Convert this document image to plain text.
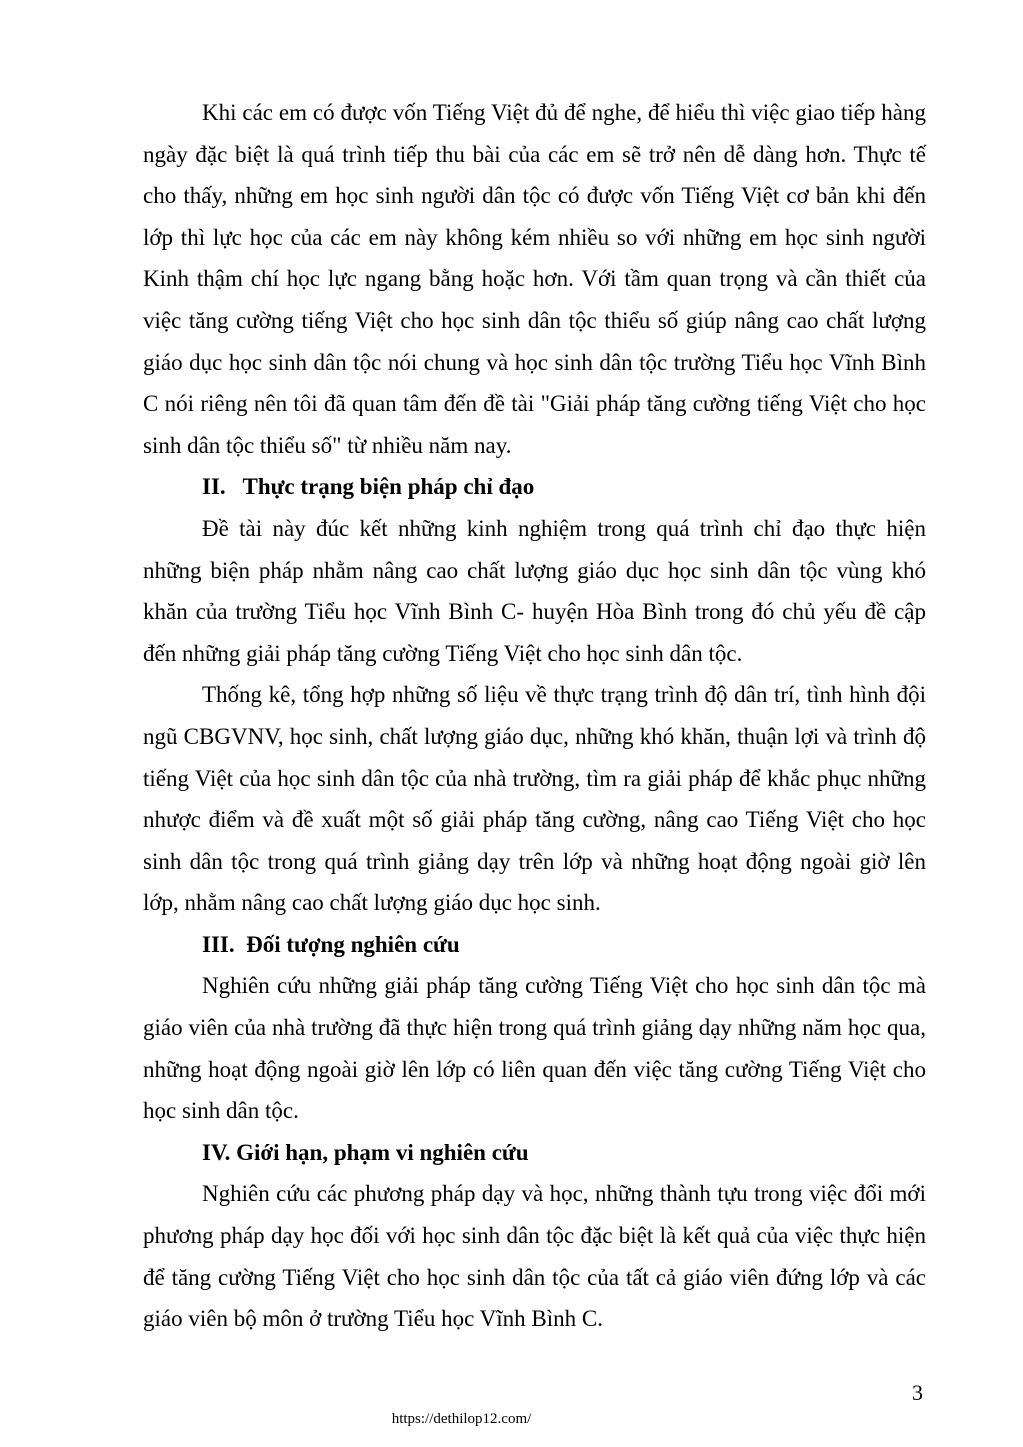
Khi các em có được vốn Tiếng Việt đủ để nghe, để hiểu thì việc giao tiếp hàng ngày đặc biệt là quá trình tiếp thu bài của các em sẽ trở nên dễ dàng hơn. Thực tế cho thấy, những em học sinh người dân tộc có được vốn Tiếng Việt cơ bản khi đến lớp thì lực học của các em này không kém nhiều so với những em học sinh người Kinh thậm chí học lực ngang bằng hoặc hơn. Với tầm quan trọng và cần thiết của việc tăng cường tiếng Việt cho học sinh dân tộc thiểu số giúp nâng cao chất lượng giáo dục học sinh dân tộc nói chung và học sinh dân tộc trường Tiểu học Vĩnh Bình C nói riêng nên tôi đã quan tâm đến đề tài "Giải pháp tăng cường tiếng Việt cho học sinh dân tộc thiểu số" từ nhiều năm nay.

II.   Thực trạng biện pháp chỉ đạo

Đề tài này đúc kết những kinh nghiệm trong quá trình chỉ đạo thực hiện những biện pháp nhằm nâng cao chất lượng giáo dục học sinh dân tộc vùng khó khăn của trường Tiểu học Vĩnh Bình C- huyện Hòa Bình trong đó chủ yếu đề cập đến những giải pháp tăng cường Tiếng Việt cho học sinh dân tộc.

Thống kê, tổng hợp những số liệu về thực trạng trình độ dân trí, tình hình đội ngũ CBGVNV, học sinh, chất lượng giáo dục, những khó khăn, thuận lợi và trình độ tiếng Việt của học sinh dân tộc của nhà trường, tìm ra giải pháp để khắc phục những nhược điểm và đề xuất một số giải pháp tăng cường, nâng cao Tiếng Việt cho học sinh dân tộc trong quá trình giảng dạy trên lớp và những hoạt động ngoài giờ lên lớp, nhằm nâng cao chất lượng giáo dục học sinh.

III.  Đối tượng nghiên cứu

Nghiên cứu những giải pháp tăng cường Tiếng Việt cho học sinh dân tộc mà giáo viên của nhà trường đã thực hiện trong quá trình giảng dạy những năm học qua, những hoạt động ngoài giờ lên lớp có liên quan đến việc tăng cường Tiếng Việt cho học sinh dân tộc.

IV. Giới hạn, phạm vi nghiên cứu

Nghiên cứu các phương pháp dạy và học, những thành tựu trong việc đổi mới phương pháp dạy học đối với học sinh dân tộc đặc biệt là kết quả của việc thực hiện để tăng cường Tiếng Việt cho học sinh dân tộc của tất cả giáo viên đứng lớp và các giáo viên bộ môn ở trường Tiểu học Vĩnh Bình C.

3
https://dethilop12.com/
